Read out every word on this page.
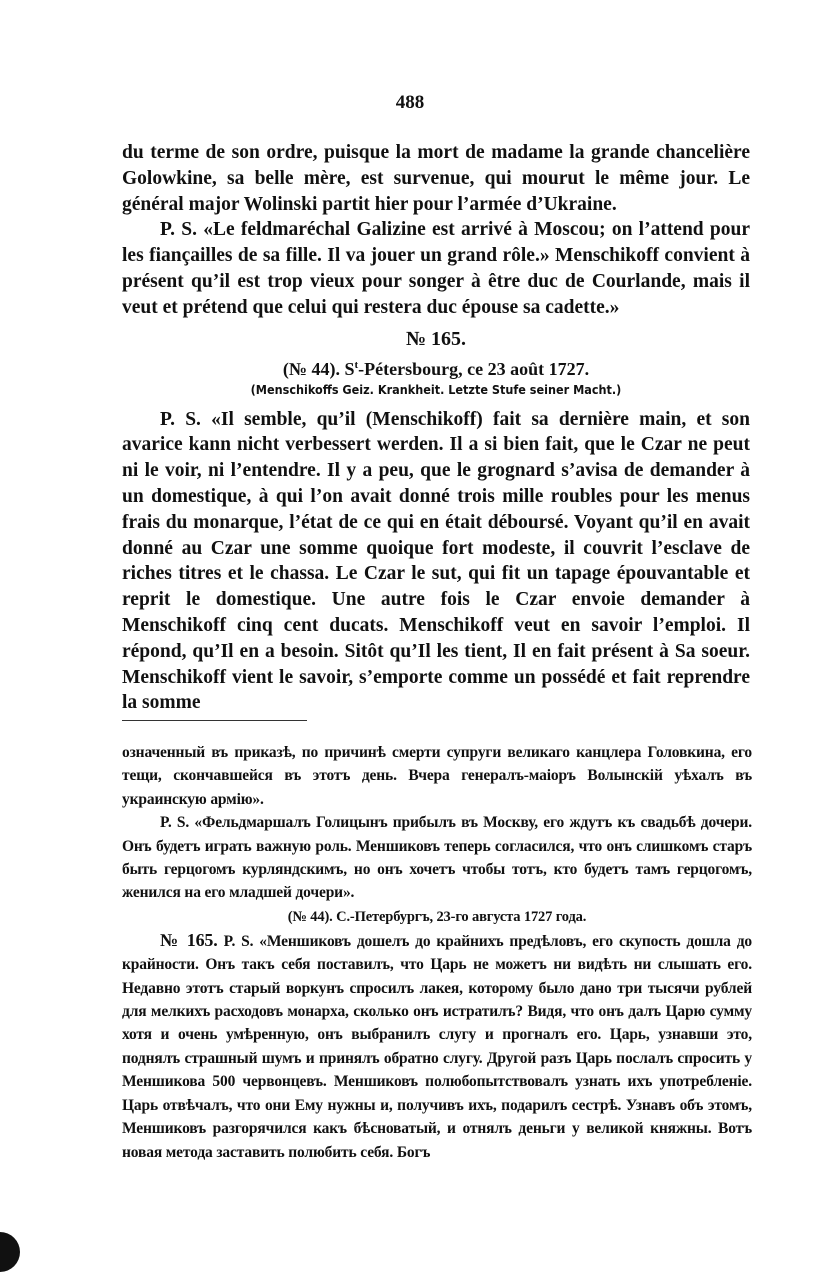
488

du terme de son ordre, puisque la mort de madame la grande chancelière Golowkine, sa belle mère, est survenue, qui mourut le même jour. Le général major Wolinski partit hier pour l’armée d’Ukraine.

P. S. «Le feldmaréchal Galizine est arrivé à Moscou; on l’attend pour les fiançailles de sa fille. Il va jouer un grand rôle.» Menschikoff convient à présent qu’il est trop vieux pour songer à être duc de Courlande, mais il veut et prétend que celui qui restera duc épouse sa cadette.»

№ 165.

(№ 44). $S^t$-Pétersbourg, ce 23 août 1727.

(Menschikoffs Geiz. Krankheit. Letzte Stufe seiner Macht.)

P. S. «Il semble, qu’il (Menschikoff) fait sa dernière main, et son avarice kann nicht verbessert werden. Il a si bien fait, que le Czar ne peut ni le voir, ni l’entendre. Il y a peu, que le grognard s’avisa de demander à un domestique, à qui l’on avait donné trois mille roubles pour les menus frais du monarque, l’état de ce qui en était déboursé. Voyant qu’il en avait donné au Czar une somme quoique fort modeste, il couvrit l’esclave de riches titres et le chassa. Le Czar le sut, qui fit un tapage épouvantable et reprit le domestique. Une autre fois le Czar envoie demander à Menschikoff cinq cent ducats. Menschikoff veut en savoir l’emploi. Il répond, qu’Il en a besoin. Sitôt qu’Il les tient, Il en fait présent à Sa soeur. Menschikoff vient le savoir, s’emporte comme un possédé et fait reprendre la somme

означенный въ приказѣ, по причинѣ смерти супруги великаго канцлера Головкина, его тещи, скончавшейся въ этотъ день. Вчера генералъ-маіоръ Волынскій уѣхалъ въ украинскую армію».

P. S. «Фельдмаршалъ Голицынъ прибылъ въ Москву, его ждутъ къ свадьбѣ дочери. Онъ будетъ играть важную роль. Меншиковъ теперь согласился, что онъ слишкомъ старъ быть герцогомъ курляндскимъ, но онъ хочетъ чтобы тотъ, кто будетъ тамъ герцогомъ, женился на его младшей дочери».

(№ 44). С.-Петербургъ, 23-го августа 1727 года.

№ 165. P. S. «Меншиковъ дошелъ до крайнихъ предѣловъ, его скупость дошла до крайности. Онъ такъ себя поставилъ, что Царь не можетъ ни видѣть ни слышать его. Недавно этотъ старый воркунъ спросилъ лакея, которому было дано три тысячи рублей для мелкихъ расходовъ монарха, сколько онъ истратилъ? Видя, что онъ далъ Царю сумму хотя и очень умѣренную, онъ выбранилъ слугу и прогналъ его. Царь, узнавши это, поднялъ страшный шумъ и принялъ обратно слугу. Другой разъ Царь послалъ спросить у Меншикова 500 червонцевъ. Меншиковъ полюбопытствовалъ узнать ихъ употребленіе. Царь отвѣчалъ, что они Ему нужны и, получивъ ихъ, подарилъ сестрѣ. Узнавъ объ этомъ, Меншиковъ разгорячился какъ бѣсноватый, и отнялъ деньги у великой княжны. Вотъ новая метода заставить полюбить себя. Богъ
